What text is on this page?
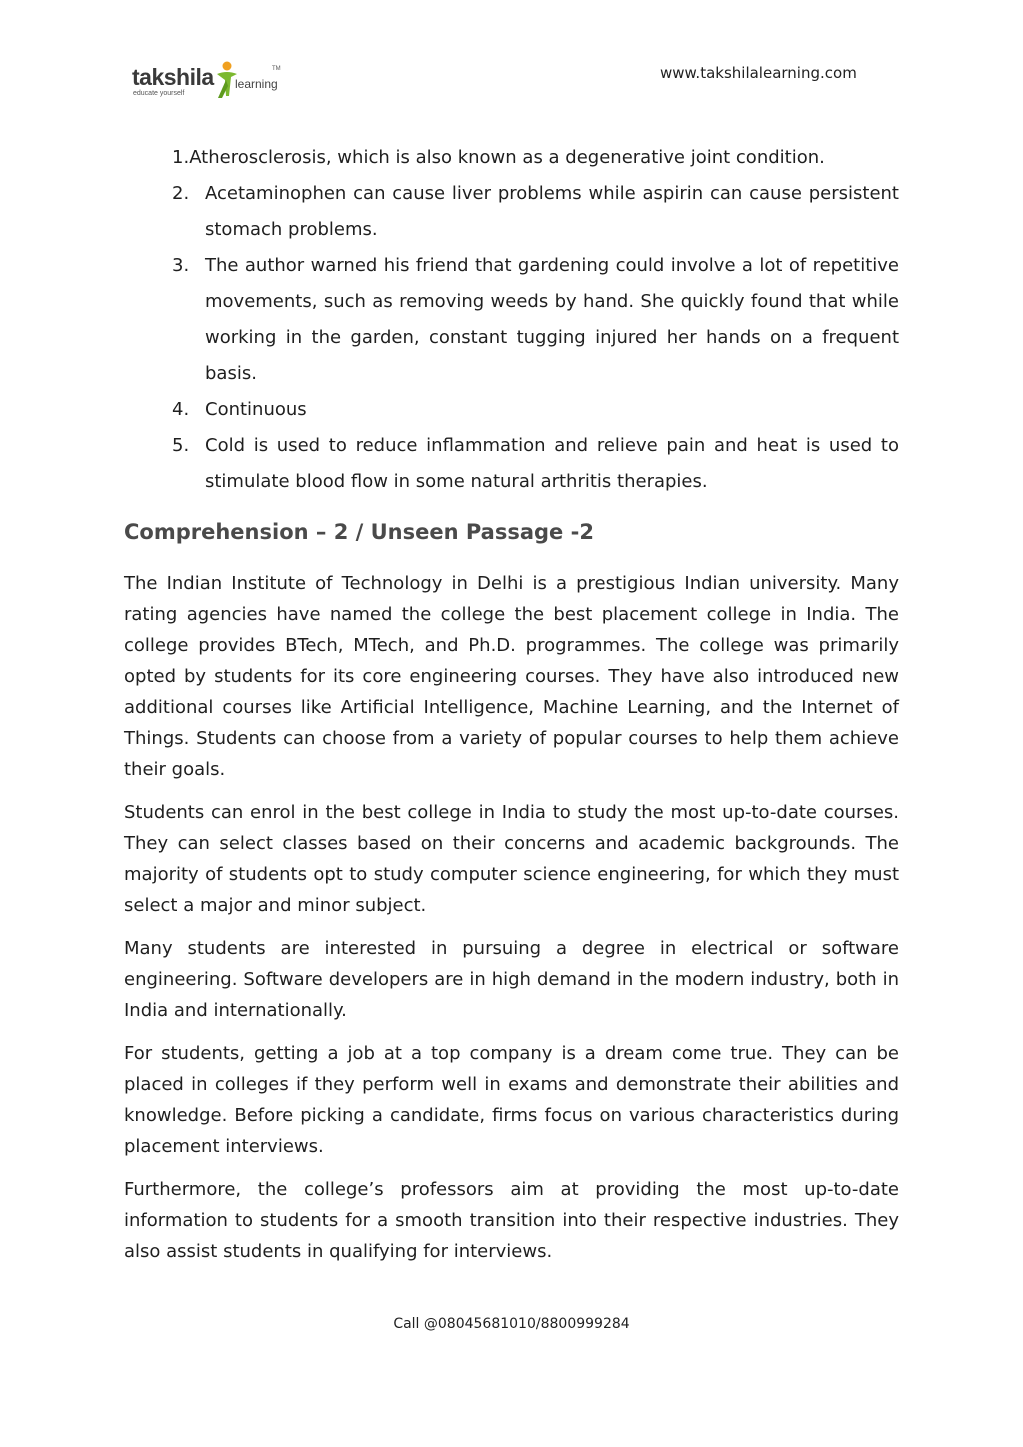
takshila learning
TM
educate yourself
www.takshilalearning.com
1.Atherosclerosis, which is also known as a degenerative joint condition.
2. Acetaminophen can cause liver problems while aspirin can cause persistent stomach problems.
3. The author warned his friend that gardening could involve a lot of repetitive movements, such as removing weeds by hand. She quickly found that while working in the garden, constant tugging injured her hands on a frequent basis.
4. Continuous
5. Cold is used to reduce inflammation and relieve pain and heat is used to stimulate blood flow in some natural arthritis therapies.
Comprehension – 2 / Unseen Passage -2

The Indian Institute of Technology in Delhi is a prestigious Indian university. Many rating agencies have named the college the best placement college in India. The college provides BTech, MTech, and Ph.D. programmes. The college was primarily opted by students for its core engineering courses. They have also introduced new additional courses like Artificial Intelligence, Machine Learning, and the Internet of Things. Students can choose from a variety of popular courses to help them achieve their goals.

Students can enrol in the best college in India to study the most up-to-date courses. They can select classes based on their concerns and academic backgrounds. The majority of students opt to study computer science engineering, for which they must select a major and minor subject.

Many students are interested in pursuing a degree in electrical or software engineering. Software developers are in high demand in the modern industry, both in India and internationally.

For students, getting a job at a top company is a dream come true. They can be placed in colleges if they perform well in exams and demonstrate their abilities and knowledge. Before picking a candidate, firms focus on various characteristics during placement interviews.

Furthermore, the college’s professors aim at providing the most up-to-date information to students for a smooth transition into their respective industries. They also assist students in qualifying for interviews.

Call @08045681010/8800999284
